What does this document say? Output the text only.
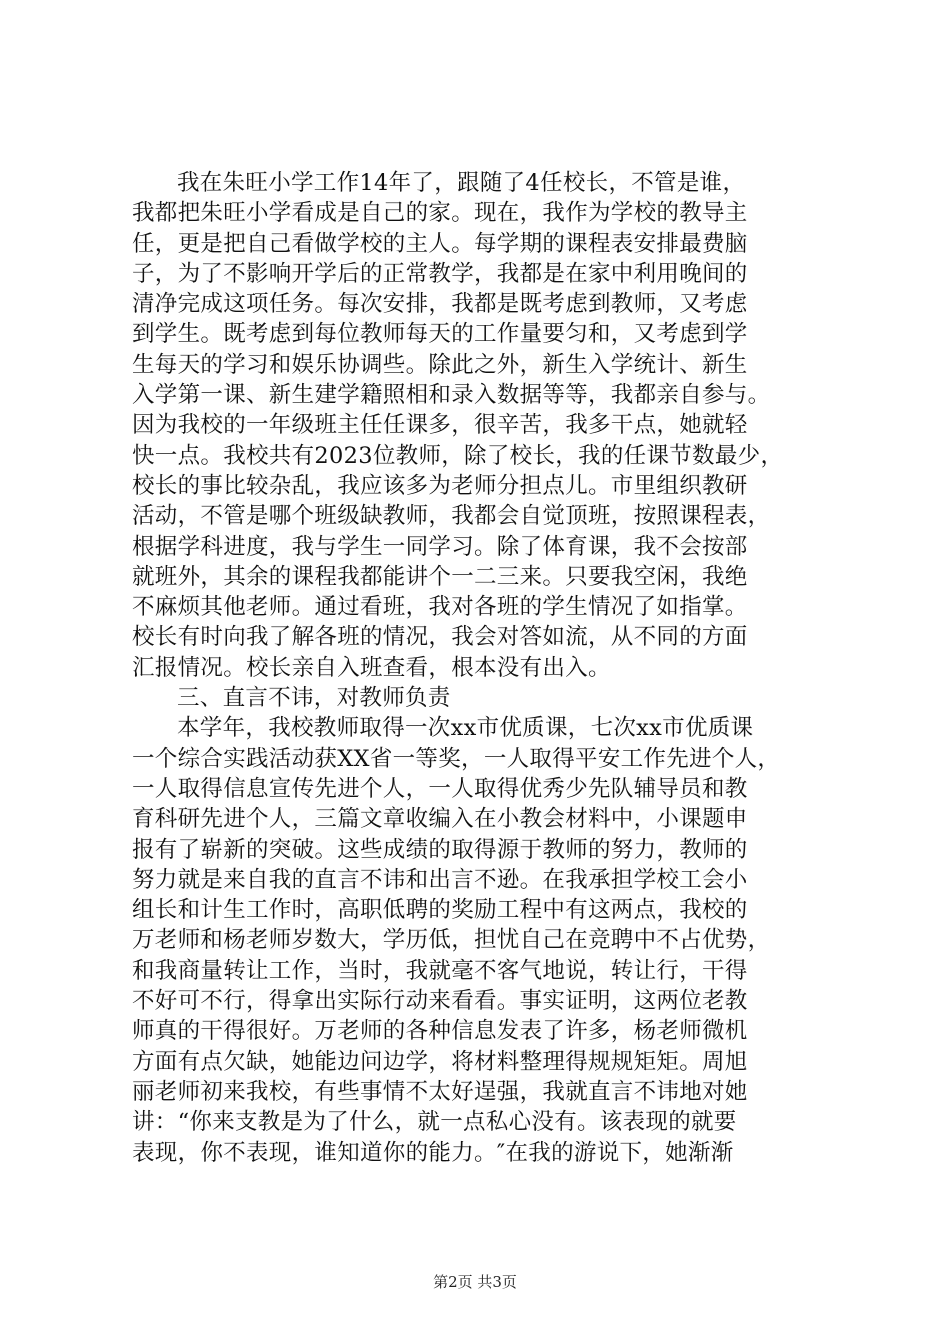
我在朱旺小学工作14年了，跟随了4任校长，不管是谁，
我都把朱旺小学看成是自己的家。现在，我作为学校的教导主
任，更是把自己看做学校的主人。每学期的课程表安排最费脑
子，为了不影响开学后的正常教学，我都是在家中利用晚间的
清净完成这项任务。每次安排，我都是既考虑到教师，又考虑
到学生。既考虑到每位教师每天的工作量要匀和，又考虑到学
生每天的学习和娱乐协调些。除此之外，新生入学统计、新生
入学第一课、新生建学籍照相和录入数据等等，我都亲自参与。
因为我校的一年级班主任任课多，很辛苦，我多干点，她就轻
快一点。我校共有2023位教师，除了校长，我的任课节数最少，
校长的事比较杂乱，我应该多为老师分担点儿。市里组织教研
活动，不管是哪个班级缺教师，我都会自觉顶班，按照课程表，
根据学科进度，我与学生一同学习。除了体育课，我不会按部
就班外，其余的课程我都能讲个一二三来。只要我空闲，我绝
不麻烦其他老师。通过看班，我对各班的学生情况了如指掌。
校长有时向我了解各班的情况，我会对答如流，从不同的方面
汇报情况。校长亲自入班查看，根本没有出入。
三、直言不讳，对教师负责
本学年，我校教师取得一次xx市优质课，七次xx市优质课
一个综合实践活动获XX省一等奖，一人取得平安工作先进个人，
一人取得信息宣传先进个人，一人取得优秀少先队辅导员和教
育科研先进个人，三篇文章收编入在小教会材料中，小课题申
报有了崭新的突破。这些成绩的取得源于教师的努力，教师的
努力就是来自我的直言不讳和出言不逊。在我承担学校工会小
组长和计生工作时，高职低聘的奖励工程中有这两点，我校的
万老师和杨老师岁数大，学历低，担忧自己在竞聘中不占优势，
和我商量转让工作，当时，我就毫不客气地说，转让行，干得
不好可不行，得拿出实际行动来看看。事实证明，这两位老教
师真的干得很好。万老师的各种信息发表了许多，杨老师微机
方面有点欠缺，她能边问边学，将材料整理得规规矩矩。周旭
丽老师初来我校，有些事情不太好逞强，我就直言不讳地对她
讲：“你来支教是为了什么，就一点私心没有。该表现的就要
表现，你不表现，谁知道你的能力。″在我的游说下，她渐渐
第2页 共3页
